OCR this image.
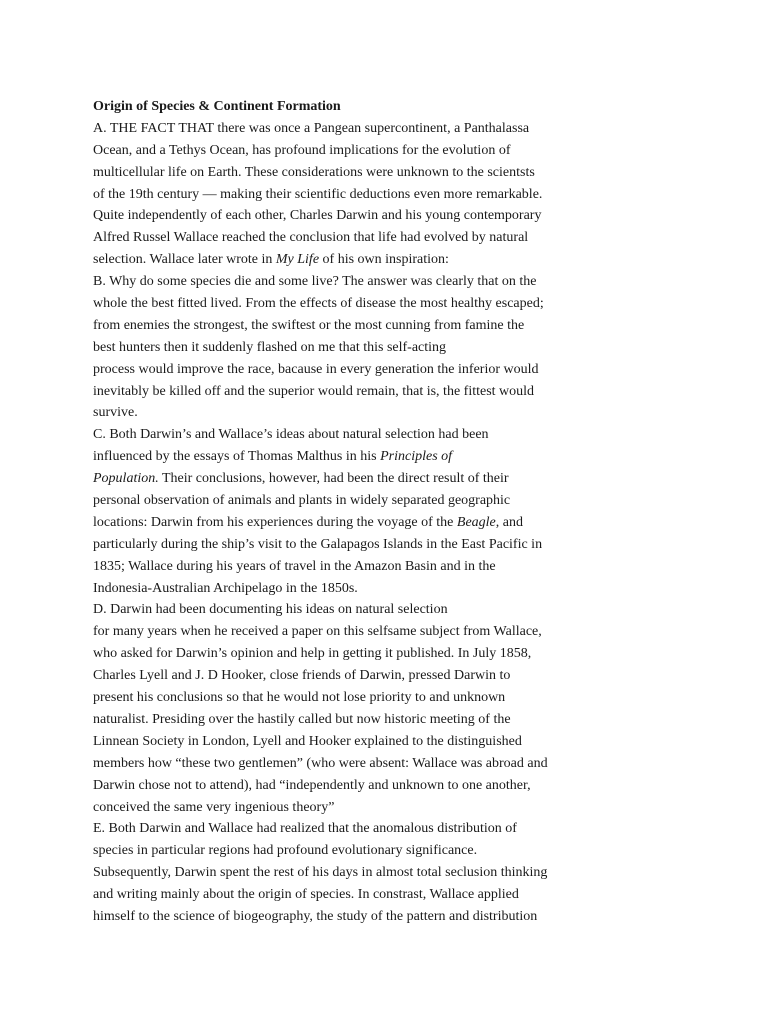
Origin of Species & Continent Formation
A. THE FACT THAT there was once a Pangean supercontinent, a Panthalassa
Ocean, and a Tethys Ocean, has profound implications for the evolution of
multicellular life on Earth. These considerations were unknown to the scientsts
of the 19th century — making their scientific deductions even more remarkable.
Quite independently of each other, Charles Darwin and his young contemporary
Alfred Russel Wallace reached the conclusion that life had evolved by natural
selection. Wallace later wrote in My Life of his own inspiration:
B. Why do some species die and some live? The answer was clearly that on the
whole the best fitted lived. From the effects of disease the most healthy escaped;
from enemies the strongest, the swiftest or the most cunning from famine the
best hunters then it suddenly flashed on me that this self-acting
process would improve the race, bacause in every generation the inferior would
inevitably be killed off and the superior would remain, that is, the fittest would
survive.
C. Both Darwin’s and Wallace’s ideas about natural selection had been
influenced by the essays of Thomas Malthus in his Principles of
Population. Their conclusions, however, had been the direct result of their
personal observation of animals and plants in widely separated geographic
locations: Darwin from his experiences during the voyage of the Beagle, and
particularly during the ship’s visit to the Galapagos Islands in the East Pacific in
1835; Wallace during his years of travel in the Amazon Basin and in the
Indonesia-Australian Archipelago in the 1850s.
D. Darwin had been documenting his ideas on natural selection
for many years when he received a paper on this selfsame subject from Wallace,
who asked for Darwin’s opinion and help in getting it published. In July 1858,
Charles Lyell and J. D Hooker, close friends of Darwin, pressed Darwin to
present his conclusions so that he would not lose priority to and unknown
naturalist. Presiding over the hastily called but now historic meeting of the
Linnean Society in London, Lyell and Hooker explained to the distinguished
members how “these two gentlemen” (who were absent: Wallace was abroad and
Darwin chose not to attend), had “independently and unknown to one another,
conceived the same very ingenious theory”
E. Both Darwin and Wallace had realized that the anomalous distribution of
species in particular regions had profound evolutionary significance.
Subsequently, Darwin spent the rest of his days in almost total seclusion thinking
and writing mainly about the origin of species. In constrast, Wallace applied
himself to the science of biogeography, the study of the pattern and distribution
